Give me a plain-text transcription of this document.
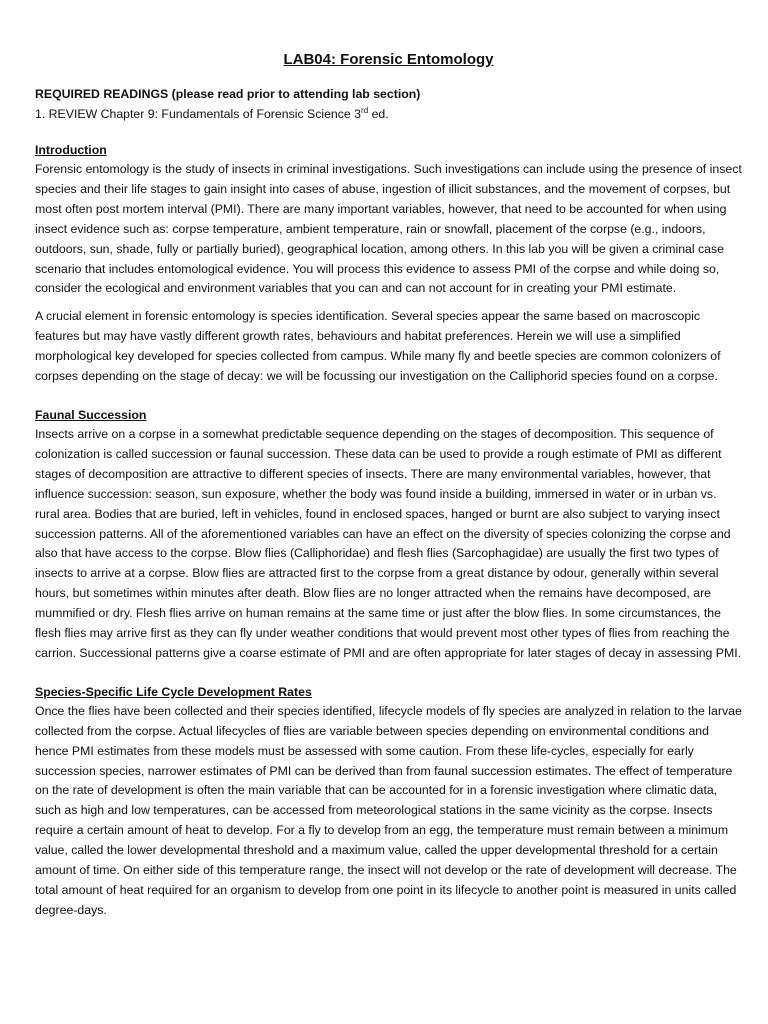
LAB04: Forensic Entomology
REQUIRED READINGS (please read prior to attending lab section)
1. REVIEW Chapter 9: Fundamentals of Forensic Science 3rd ed.
Introduction

Forensic entomology is the study of insects in criminal investigations. Such investigations can include using the presence of insect species and their life stages to gain insight into cases of abuse, ingestion of illicit substances, and the movement of corpses, but most often post mortem interval (PMI). There are many important variables, however, that need to be accounted for when using insect evidence such as: corpse temperature, ambient temperature, rain or snowfall, placement of the corpse (e.g., indoors, outdoors, sun, shade, fully or partially buried), geographical location, among others. In this lab you will be given a criminal case scenario that includes entomological evidence. You will process this evidence to assess PMI of the corpse and while doing so, consider the ecological and environment variables that you can and can not account for in creating your PMI estimate.

A crucial element in forensic entomology is species identification. Several species appear the same based on macroscopic features but may have vastly different growth rates, behaviours and habitat preferences. Herein we will use a simplified morphological key developed for species collected from campus. While many fly and beetle species are common colonizers of corpses depending on the stage of decay: we will be focussing our investigation on the Calliphorid species found on a corpse.

Faunal Succession

Insects arrive on a corpse in a somewhat predictable sequence depending on the stages of decomposition. This sequence of colonization is called succession or faunal succession. These data can be used to provide a rough estimate of PMI as different stages of decomposition are attractive to different species of insects. There are many environmental variables, however, that influence succession: season, sun exposure, whether the body was found inside a building, immersed in water or in urban vs. rural area. Bodies that are buried, left in vehicles, found in enclosed spaces, hanged or burnt are also subject to varying insect succession patterns. All of the aforementioned variables can have an effect on the diversity of species colonizing the corpse and also that have access to the corpse. Blow flies (Calliphoridae) and flesh flies (Sarcophagidae) are usually the first two types of insects to arrive at a corpse. Blow flies are attracted first to the corpse from a great distance by odour, generally within several hours, but sometimes within minutes after death. Blow flies are no longer attracted when the remains have decomposed, are mummified or dry. Flesh flies arrive on human remains at the same time or just after the blow flies. In some circumstances, the flesh flies may arrive first as they can fly under weather conditions that would prevent most other types of flies from reaching the carrion. Successional patterns give a coarse estimate of PMI and are often appropriate for later stages of decay in assessing PMI.

Species-Specific Life Cycle Development Rates

Once the flies have been collected and their species identified, lifecycle models of fly species are analyzed in relation to the larvae collected from the corpse. Actual lifecycles of flies are variable between species depending on environmental conditions and hence PMI estimates from these models must be assessed with some caution. From these life-cycles, especially for early succession species, narrower estimates of PMI can be derived than from faunal succession estimates. The effect of temperature on the rate of development is often the main variable that can be accounted for in a forensic investigation where climatic data, such as high and low temperatures, can be accessed from meteorological stations in the same vicinity as the corpse. Insects require a certain amount of heat to develop. For a fly to develop from an egg, the temperature must remain between a minimum value, called the lower developmental threshold and a maximum value, called the upper developmental threshold for a certain amount of time. On either side of this temperature range, the insect will not develop or the rate of development will decrease. The total amount of heat required for an organism to develop from one point in its lifecycle to another point is measured in units called degree-days.
